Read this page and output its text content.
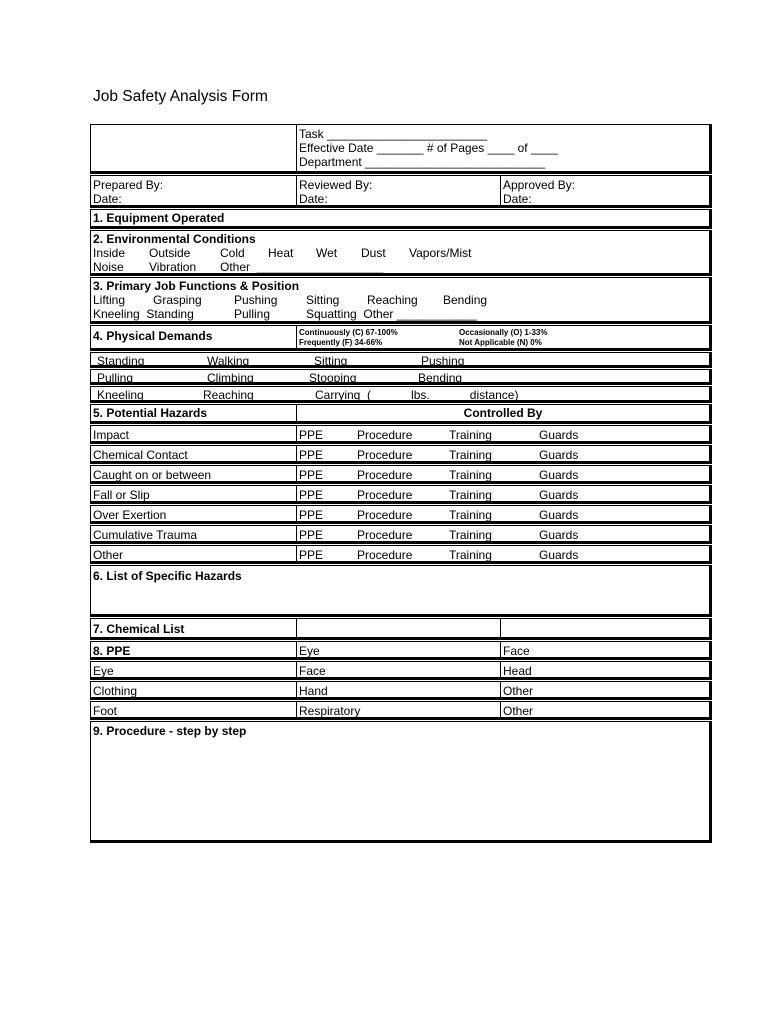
Job Safety Analysis Form
Task ________________________
Effective Date _______ # of Pages ____ of ____
Department ___________________________
Prepared By:
Date:
Reviewed By:
Date:
Approved By:
Date:
1. Equipment Operated
2. Environmental Conditions
Inside Outside Cold Heat Wet Dust Vapors/Mist
Noise Vibration Other  ___________________
3. Primary Job Functions & Position
Lifting Grasping	Pushing Sitting Reaching Bending
Kneeling  Standing	Pulling	Squatting  Other ____________
4. Physical Demands	Continuously (C) 67-100%	Occasionally (O) 1-33%
Frequently (F) 34-66%	Not Applicable (N) 0%
Standing  ____ Walking  ____	Sitting  ____	Pushing  ____
Pulling  ____	Climbing  ____ Stooping  ____ Bending  ____
Kneeling  ____ Reaching  ____ Carrying  (______lbs. _____ distance)
5. Potential Hazards	Controlled By
Impact	PPE	Procedure	Training	Guards
Chemical Contact	PPE	Procedure	Training	Guards
Caught on or between	PPE	Procedure	Training	Guards
Fall or Slip	PPE	Procedure	Training	Guards
Over Exertion	PPE	Procedure	Training	Guards
Cumulative Trauma	PPE	Procedure	Training	Guards
Other	PPE	Procedure	Training	Guards
6. List of Specific Hazards
7. Chemical List
8. PPE	Eye	Face
Eye	Face	Head
Clothing	Hand	Other
Foot	Respiratory	Other
9. Procedure - step by step
